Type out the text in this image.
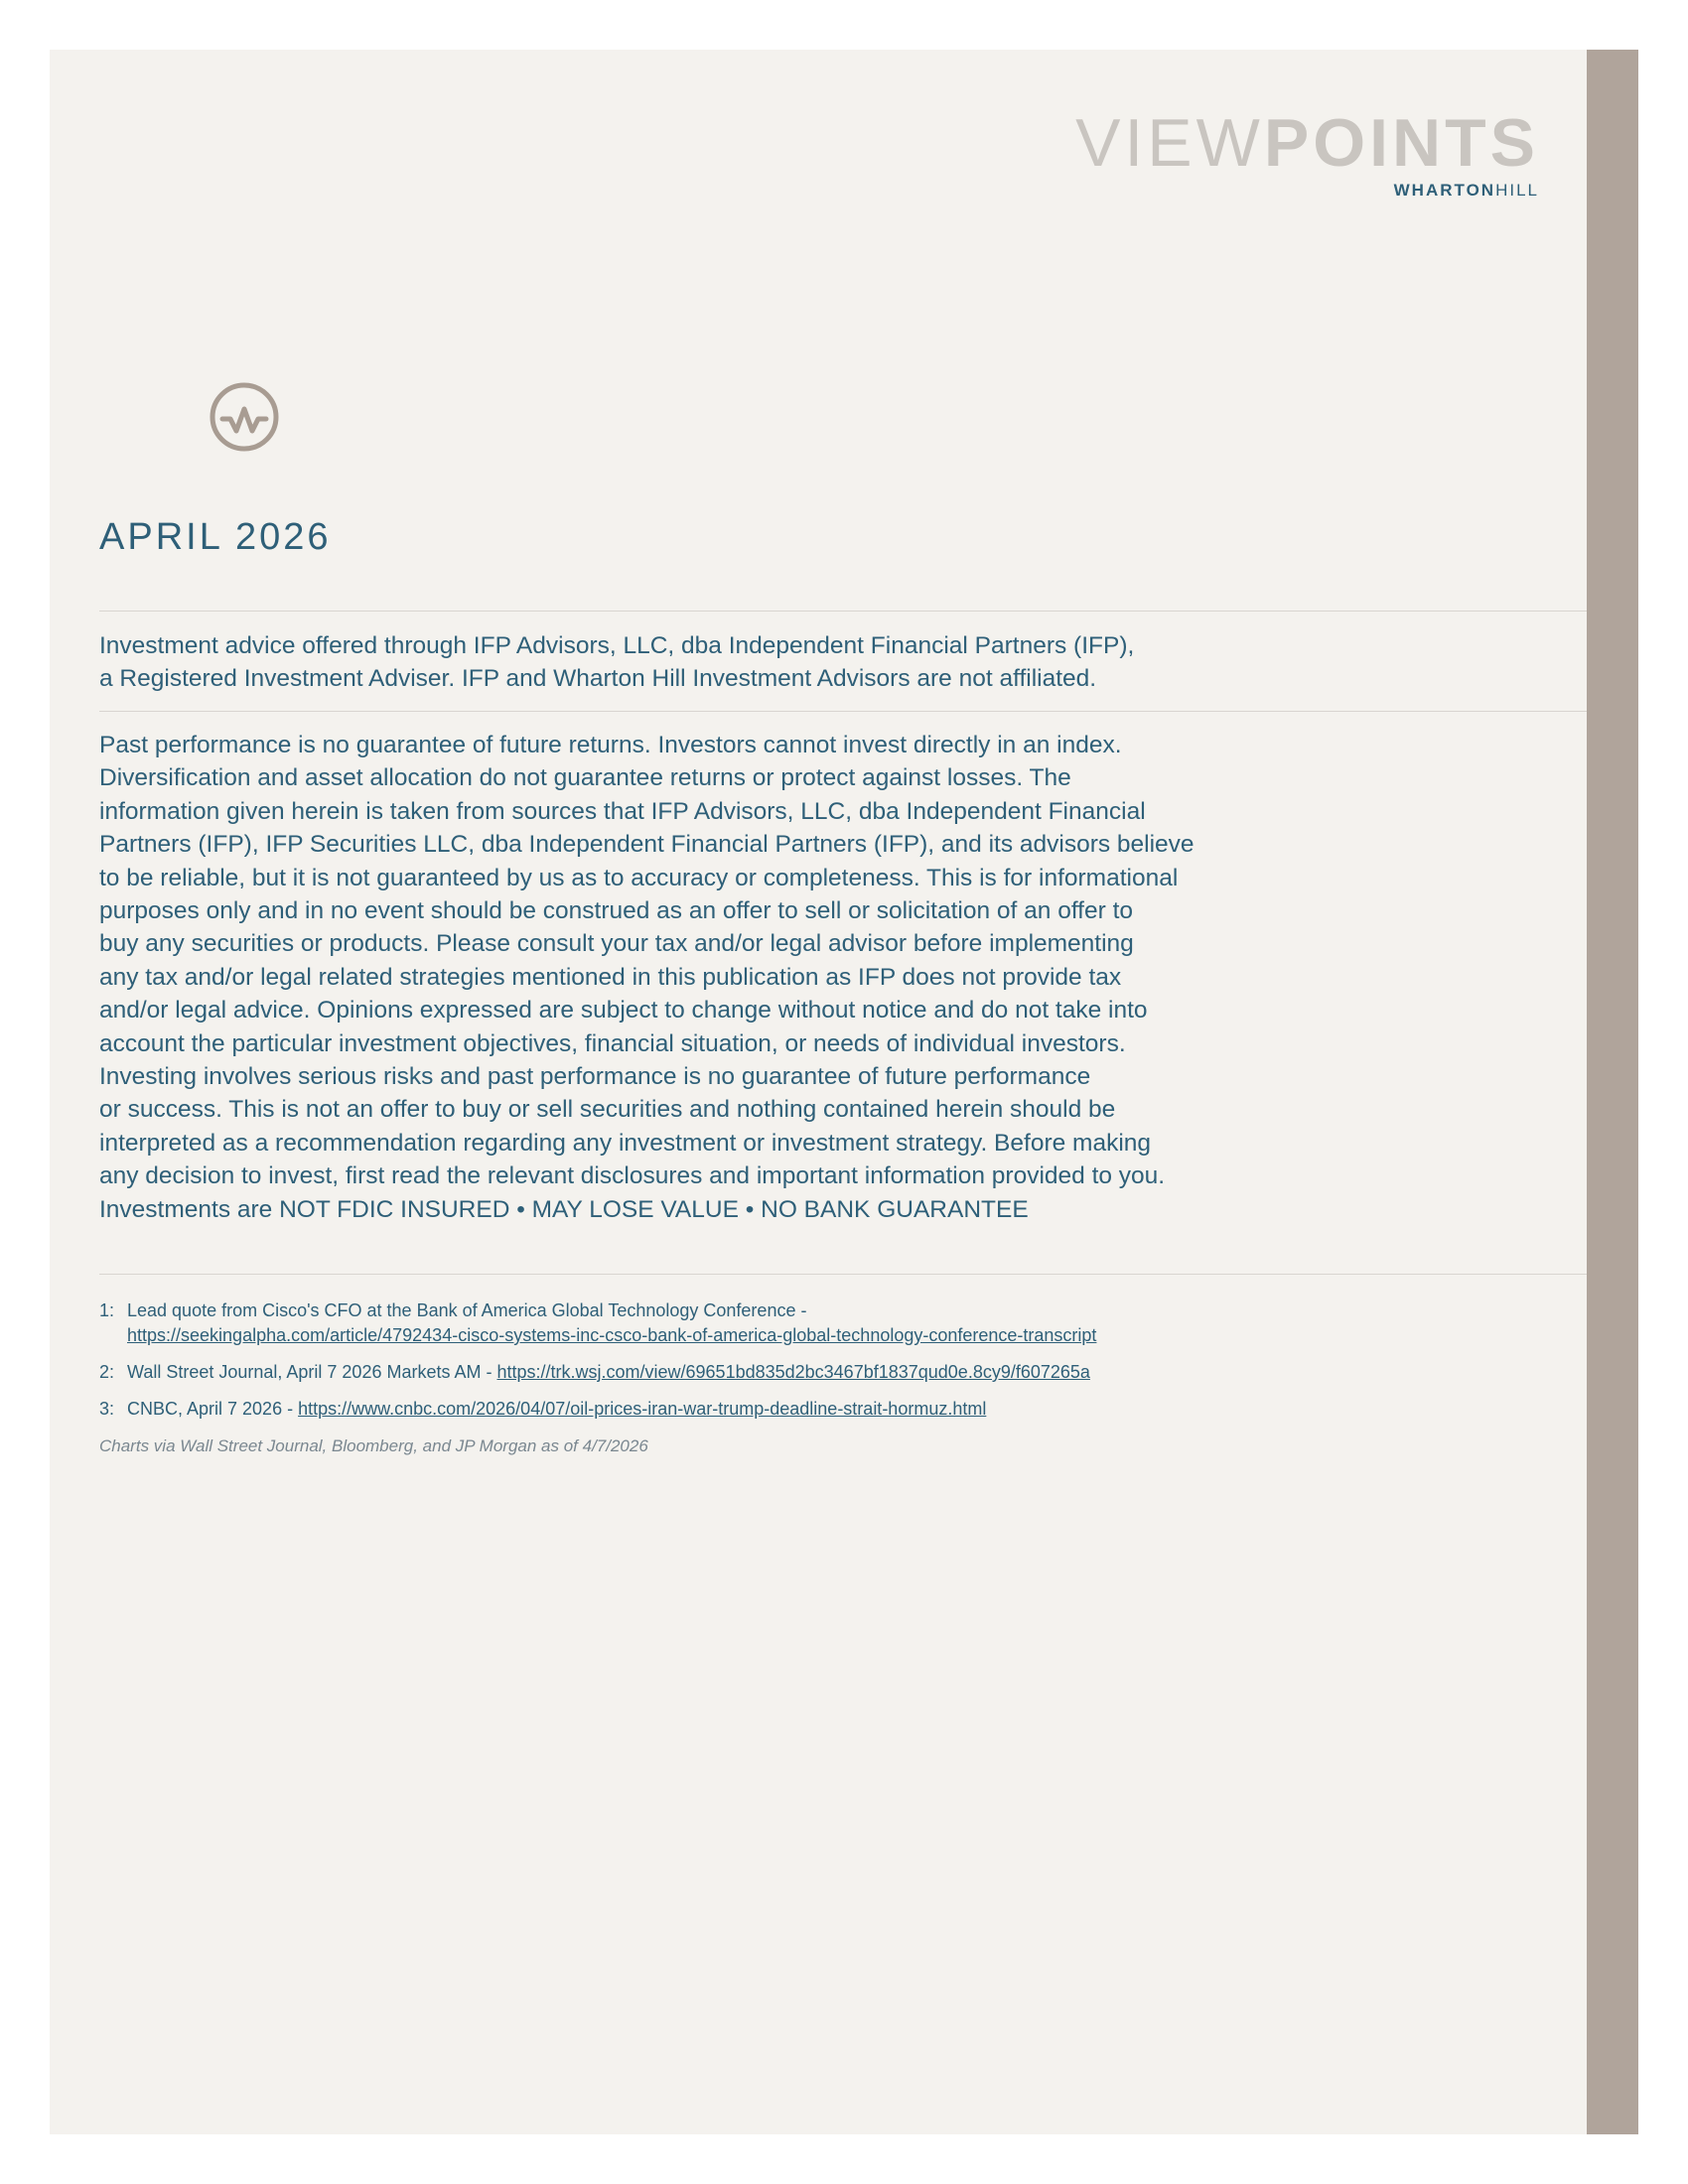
VIEWPOINTS
WHARTONHILL
APRIL 2026
Investment advice offered through IFP Advisors, LLC, dba Independent Financial Partners (IFP),
a Registered Investment Adviser. IFP and Wharton Hill Investment Advisors are not affiliated.
Past performance is no guarantee of future returns. Investors cannot invest directly in an index.
Diversification and asset allocation do not guarantee returns or protect against losses. The
information given herein is taken from sources that IFP Advisors, LLC, dba Independent Financial
Partners (IFP), IFP Securities LLC, dba Independent Financial Partners (IFP), and its advisors believe
to be reliable, but it is not guaranteed by us as to accuracy or completeness. This is for informational
purposes only and in no event should be construed as an offer to sell or solicitation of an offer to
buy any securities or products. Please consult your tax and/or legal advisor before implementing
any tax and/or legal related strategies mentioned in this publication as IFP does not provide tax
and/or legal advice. Opinions expressed are subject to change without notice and do not take into
account the particular investment objectives, financial situation, or needs of individual investors.
Investing involves serious risks and past performance is no guarantee of future performance
or success. This is not an offer to buy or sell securities and nothing contained herein should be
interpreted as a recommendation regarding any investment or investment strategy. Before making
any decision to invest, first read the relevant disclosures and important information provided to you.
Investments are NOT FDIC INSURED • MAY LOSE VALUE • NO BANK GUARANTEE
1: Lead quote from Cisco's CFO at the Bank of America Global Technology Conference -
https://seekingalpha.com/article/4792434-cisco-systems-inc-csco-bank-of-america-global-technology-conference-transcript
2: Wall Street Journal, April 7 2026 Markets AM - https://trk.wsj.com/view/69651bd835d2bc3467bf1837qud0e.8cy9/f607265a
3: CNBC, April 7 2026 - https://www.cnbc.com/2026/04/07/oil-prices-iran-war-trump-deadline-strait-hormuz.html
Charts via Wall Street Journal, Bloomberg, and JP Morgan as of 4/7/2026
